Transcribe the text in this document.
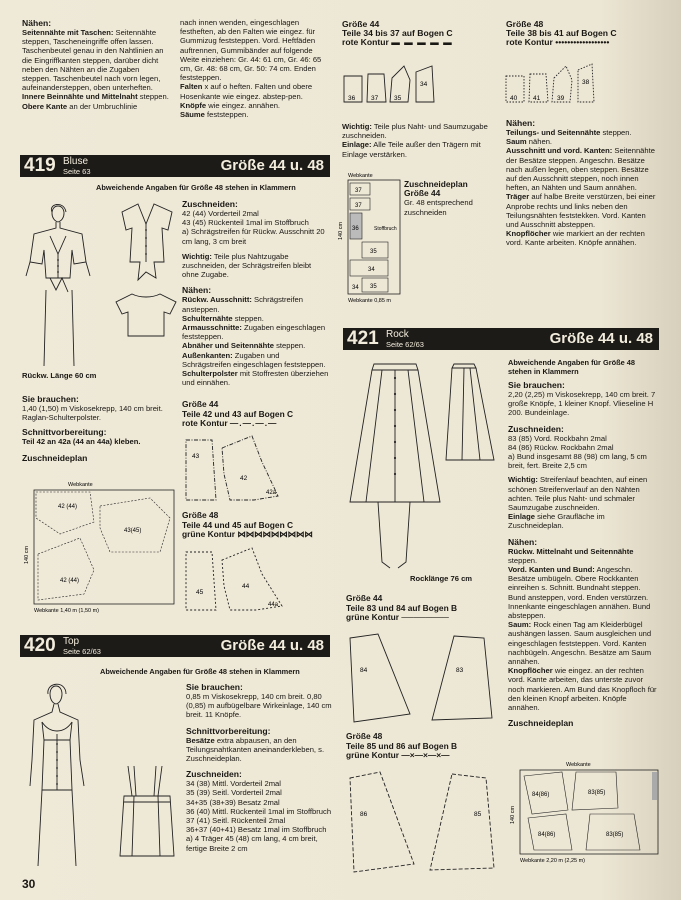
Nähen:

Seitennähte mit Taschen: Seitennähte steppen, Tascheneingriffe offen lassen. Taschenbeutel genau in den Nahtlinien an die Eingriffkanten steppen, darüber dicht neben den Nähten an die Zugaben steppen. Taschenbeutel nach vorn legen, aufeinandersteppen, oben unterheften.

Innere Beinnähte und Mittelnaht steppen.

Obere Kante an der Umbruchlinie

nach innen wenden, eingeschlagen festheften, ab den Falten wie eingez. für Gummizug feststeppen. Vord. Heftfäden auftrennen, Gummibänder auf folgende Weite einziehen: Gr. 44: 61 cm, Gr. 46: 65 cm, Gr. 48: 68 cm, Gr. 50: 74 cm. Enden feststeppen.

Falten x auf o heften. Falten und obere Hosenkante wie eingez. abstep-pen.

Knöpfe wie eingez. annähen.

Säume feststeppen.

Größe 44

Teile 34 bis 37 auf Bogen C

rote Kontur ▬ ▬ ▬ ▬ ▬

36 37 35
34

Wichtig: Teile plus Naht- und Saumzugabe zuschneiden.

Einlage: Alle Teile außer den Trägern mit Einlage verstärken.

Webkante
140 cm
37
37
36	Stoffbruch
35
34
35
34
Webkante 0,85 m

Zuschneideplan

Größe 44

Gr. 48 entsprechend

zuschneiden

Größe 48

Teile 38 bis 41 auf Bogen C

rote Kontur ••••••••••••••••••

40 41	39
38

Nähen:

Teilungs- und Seitennähte steppen.

Saum nähen.

Ausschnitt und vord. Kanten: Seitennähte der Besätze steppen. Angeschn. Besätze nach außen legen, oben steppen. Besätze auf den Ausschnitt steppen, noch innen heften, an Nähten und Saum annähen.

Träger auf halbe Breite verstürzen, bei einer Anprobe rechts und links neben den Teilungsnähten feststekken. Vord. Kanten und Ausschnitt absteppen.

Knopflöcher wie markiert an der rechten vord. Kante arbeiten. Knöpfe annähen.

419 Bluse
Seite 63	Größe 44 u. 48
Abweichende Angaben für Größe 48 stehen in Klammern
Rückw. Länge 60 cm

Sie brauchen:

1,40 (1,50) m Viskosekrepp, 140 cm breit. Raglan-Schulterpolster.

Schnittvorbereitung:

Teil 42 an 42a (44 an 44a) kleben.

Zuschneideplan

Webkante
140 cm
42 (44)
43(45)
42 (44)
Webkante 1,40 m (1,50 m)

Zuschneiden:

42 (44) Vorderteil 2mal

43 (45) Rückenteil 1mal im Stoffbruch

a) Schrägstreifen für Rückw. Ausschnitt 20 cm lang, 3 cm breit

Wichtig: Teile plus Nahtzugabe zuschneiden, der Schrägstreifen bleibt ohne Zugabe.

Nähen:

Rückw. Ausschnitt: Schrägstreifen ansteppen.

Schulternähte steppen.

Armausschnitte: Zugaben eingeschlagen feststeppen.

Abnäher und Seitennähte steppen.

Außenkanten: Zugaben und Schrägstreifen eingeschlagen feststeppen.

Schulterpolster mit Stoffresten überziehen und einnähen.

Größe 44

Teile 42 und 43 auf Bogen C

rote Kontur —.—.—.—

43
42
42a

Größe 48

Teile 44 und 45 auf Bogen C

grüne Kontur ⋈⋈⋈⋈⋈⋈⋈⋈⋈

45
44
44a
420 Top
Seite 62/63	Größe 44 u. 48
Abweichende Angaben für Größe 48 stehen in Klammern

Sie brauchen:

0,85 m Viskosekrepp, 140 cm breit. 0,80 (0,85) m aufbügelbare Wirkeinlage, 140 cm breit. 11 Knöpfe.

Schnittvorbereitung:

Besätze extra abpausen, an den Teilungsnahtkanten aneinanderkleben, s. Zuschneideplan.

Zuschneiden:

34 (38) Mittl. Vorderteil 2mal

35 (39) Seitl. Vorderteil 2mal

34+35 (38+39) Besatz 2mal

36 (40) Mittl. Rückenteil 1mal im Stoffbruch

37 (41) Seitl. Rückenteil 2mal

36+37 (40+41) Besatz 1mal im Stoffbruch

a) 4 Träger 45 (48) cm lang, 4 cm breit, fertige Breite 2 cm

421 Rock
Seite 62/63	Größe 44 u. 48
Rocklänge 76 cm

Größe 44

Teile 83 und 84 auf Bogen B

grüne Kontur ────────

84	83

Größe 48

Teile 85 und 86 auf Bogen B

grüne Kontur —×—×—×—

86	85
Abweichende Angaben für Größe 48 stehen in Klammern

Sie brauchen:

2,20 (2,25) m Viskosekrepp, 140 cm breit. 7 große Knöpfe, 1 kleiner Knopf. Vlieseline H 200. Bundeinlage.

Zuschneiden:

83 (85) Vord. Rockbahn 2mal

84 (86) Rückw. Rockbahn 2mal

a) Bund insgesamt 88 (98) cm lang, 5 cm breit, fert. Breite 2,5 cm

Wichtig: Streifenlauf beachten, auf einen schönen Streifenverlauf an den Nähten achten. Teile plus Naht- und schmaler Saumzugabe zuschneiden.

Einlage siehe Graufläche im Zuschneideplan.

Nähen:

Rückw. Mittelnaht und Seitennähte steppen.

Vord. Kanten und Bund: Angeschn. Besätze umbügeln. Obere Rockkanten einreihen s. Schnitt. Bundnaht steppen. Bund ansteppen, vord. Enden verstürzen. Innenkante eingeschlagen annähen. Bund absteppen.

Saum: Rock einen Tag am Kleiderbügel aushängen lassen. Saum ausgleichen und eingeschlagen feststeppen. Vord. Kanten nachbügeln. Angeschn. Besätze am Saum annähen.

Knopflöcher wie eingez. an der rechten vord. Kante arbeiten, das unterste zuvor noch markieren. Am Bund das Knopfloch für den kleinen Knopf arbeiten. Knöpfe annähen.

Zuschneideplan

Webkante
140 cm
84(86)	83(85)
84(86)	83(85)
Webkante 2,20 m (2,25 m)
30
